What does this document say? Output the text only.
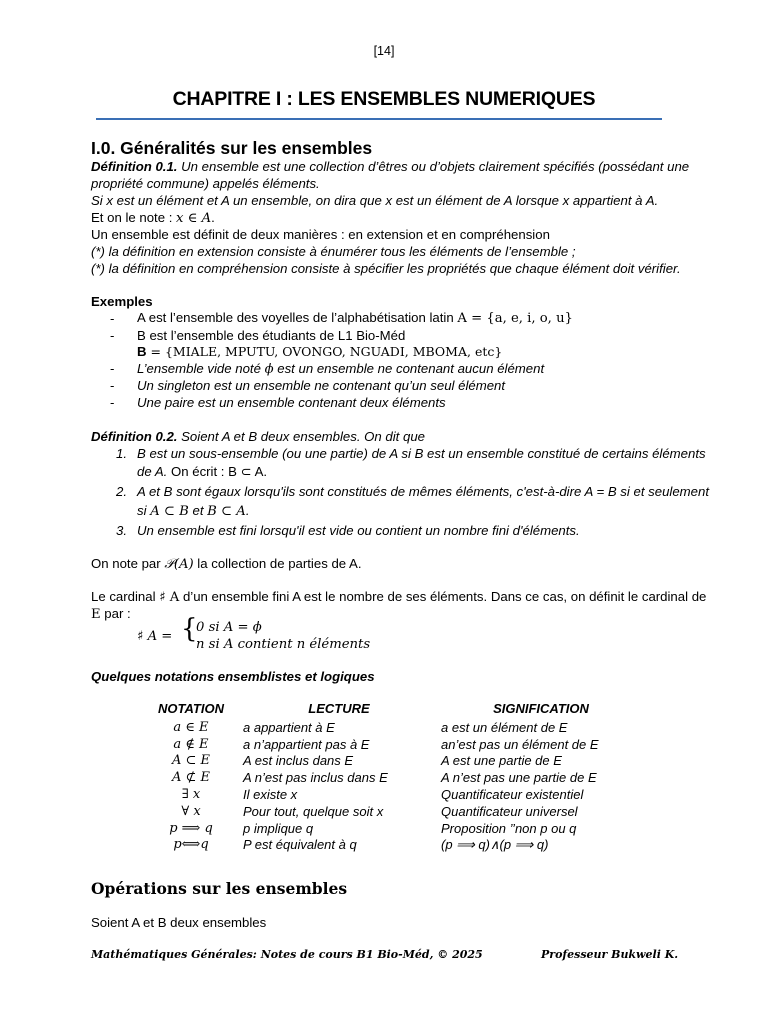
[14]
CHAPITRE I : LES ENSEMBLES NUMERIQUES
I.0. Généralités sur les ensembles
Définition 0.1. Un ensemble est une collection d’êtres ou d’objets clairement spécifiés (possédant une
propriété commune) appelés éléments.
Si x est un élément et A un ensemble, on dira que x est un élément de A lorsque x appartient à A.
Et on le note : x ∈ A.
Un ensemble est définit de deux manières : en extension et en compréhension
(*) la définition en extension consiste à énumérer tous les éléments de l’ensemble ;
(*) la définition en compréhension consiste à spécifier les propriétés que chaque élément doit vérifier.
Exemples
- A est l’ensemble des voyelles de l’alphabétisation latin A = {a, e, i, o, u}
- B est l’ensemble des étudiants de L1 Bio-Méd
B = {MIALE, MPUTU, OVONGO, NGUADI, MBOMA, etc}
- L’ensemble vide noté ϕ est un ensemble ne contenant aucun élément
- Un singleton est un ensemble ne contenant qu’un seul élément
- Une paire est un ensemble contenant deux éléments
Définition 0.2. Soient A et B deux ensembles. On dit que
1. B est un sous-ensemble (ou une partie) de A si B est un ensemble constitué de certains éléments
de A. On écrit : B ⊂ A.
2. A et B sont égaux lorsqu'ils sont constitués de mêmes éléments, c'est-à-dire A = B si et seulement
si A ⊂ B et B ⊂ A.
3. Un ensemble est fini lorsqu'il est vide ou contient un nombre fini d'éléments.
On note par 𝒫(A) la collection de parties de A.
Le cardinal ♯ A d’un ensemble fini A est le nombre de ses éléments. Dans ce cas, on définit le cardinal de
E par :
♯ A = {
0 si A = ϕ
n si A contient n éléments
Quelques notations ensemblistes et logiques
NOTATION	LECTURE	SIGNIFICATION
a ∈ E	a appartient à E	a est un élément de E
a ∉ E	a n’appartient pas à E	an’est pas un élément de E
A ⊂ E	A est inclus dans E	A est une partie de E
A ⊄ E	A n’est pas inclus dans E	A n’est pas une partie de E
∃ x	Il existe x	Quantificateur existentiel
∀ x	Pour tout, quelque soit x	Quantificateur universel
p ⟹ q	p implique q	Proposition ’’non p ou q
p⟺q	P est équivalent à q	(p ⟹ q)∧(p ⟹ q)
Opérations sur les ensembles
Soient A et B deux ensembles
Mathématiques Générales: Notes de cours B1 Bio-Méd, © 2025	Professeur Bukweli K.
